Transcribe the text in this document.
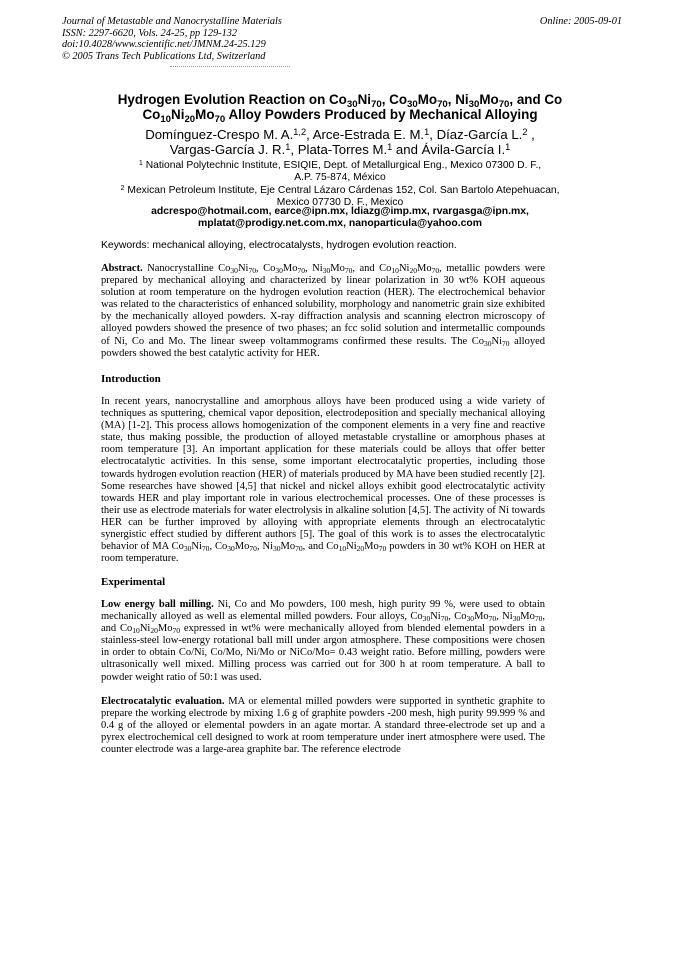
Journal of Metastable and Nanocrystalline Materials
ISSN: 2297-6620, Vols. 24-25, pp 129-132
doi:10.4028/www.scientific.net/JMNM.24-25.129
© 2005 Trans Tech Publications Ltd, Switzerland
Online: 2005-09-01
Hydrogen Evolution Reaction on $Co_{30}Ni_{70}$, $Co_{30}Mo_{70}$, $Ni_{30}Mo_{70}$, and Co

$Co_{10}Ni_{20}Mo_{70}$ Alloy Powders Produced by Mechanical Alloying
Domínguez-Crespo M. A.$^{1,2}$, Arce-Estrada E. M.$^1$, Díaz-García L.$^2$ ,
Vargas-García J. R.$^1$, Plata-Torres M.$^1$ and Ávila-García I.$^1$
$^1$ National Polytechnic Institute, ESIQIE, Dept. of Metallurgical Eng., Mexico 07300 D. F.,
A.P. 75-874, México
$^2$ Mexican Petroleum Institute, Eje Central Lázaro Cárdenas 152, Col. San Bartolo Atepehuacan,
Mexico 07730 D. F., Mexico
adcrespo@hotmail.com, earce@ipn.mx, ldiazg@imp.mx, rvargasga@ipn.mx,
mplatat@prodigy.net.com.mx, nanoparticula@yahoo.com
Keywords: mechanical alloying, electrocatalysts, hydrogen evolution reaction.
Abstract. Nanocrystalline $Co_{30}Ni_{70}$, $Co_{30}Mo_{70}$, $Ni_{30}Mo_{70}$, and $Co_{10}Ni_{20}Mo_{70}$, metallic powders were prepared by mechanical alloying and characterized by linear polarization in 30 wt% KOH aqueous solution at room temperature on the hydrogen evolution reaction (HER). The electrochemical behavior was related to the characteristics of enhanced solubility, morphology and nanometric grain size exhibited by the mechanically alloyed powders. X-ray diffraction analysis and scanning electron microscopy of alloyed powders showed the presence of two phases; an fcc solid solution and intermetallic compounds of Ni, Co and Mo. The linear sweep voltammograms confirmed these results. The $Co_{30}Ni_{70}$ alloyed powders showed the best catalytic activity for HER.
Introduction
In recent years, nanocrystalline and amorphous alloys have been produced using a wide variety of techniques as sputtering, chemical vapor deposition, electrodeposition and specially mechanical alloying (MA) [1-2]. This process allows homogenization of the component elements in a very fine and reactive state, thus making possible, the production of alloyed metastable crystalline or amorphous phases at room temperature [3]. An important application for these materials could be alloys that offer better electrocatalytic activities. In this sense, some important electrocatalytic properties, including those towards hydrogen evolution reaction (HER) of materials produced by MA have been studied recently [2]. Some researches have showed [4,5] that nickel and nickel alloys exhibit good electrocatalytic activity towards HER and play important role in various electrochemical processes. One of these processes is their use as electrode materials for water electrolysis in alkaline solution [4,5]. The activity of Ni towards HER can be further improved by alloying with appropriate elements through an electrocatalytic synergistic effect studied by different authors [5]. The goal of this work is to asses the electrocatalytic behavior of MA $Co_{30}Ni_{70}$, $Co_{30}Mo_{70}$, $Ni_{30}Mo_{70}$, and $Co_{10}Ni_{20}Mo_{70}$ powders in 30 wt% KOH on HER at room temperature.
Experimental
Low energy ball milling. Ni, Co and Mo powders, 100 mesh, high purity 99 %, were used to obtain mechanically alloyed as well as elemental milled powders. Four alloys, $Co_{30}Ni_{70}$, $Co_{30}Mo_{70}$, $Ni_{30}Mo_{70}$, and $Co_{10}Ni_{20}Mo_{70}$ expressed in wt% were mechanically alloyed from blended elemental powders in a stainless-steel low-energy rotational ball mill under argon atmosphere. These compositions were chosen in order to obtain Co/Ni, Co/Mo, Ni/Mo or NiCo/Mo= 0.43 weight ratio. Before milling, powders were ultrasonically well mixed. Milling process was carried out for 300 h at room temperature. A ball to powder weight ratio of 50:1 was used.
Electrocatalytic evaluation. MA or elemental milled powders were supported in synthetic graphite to prepare the working electrode by mixing 1.6 g of graphite powders -200 mesh, high purity 99.999 % and 0.4 g of the alloyed or elemental powders in an agate mortar. A standard three-electrode set up and a pyrex electrochemical cell designed to work at room temperature under inert atmosphere were used. The counter electrode was a large-area graphite bar. The reference electrode
